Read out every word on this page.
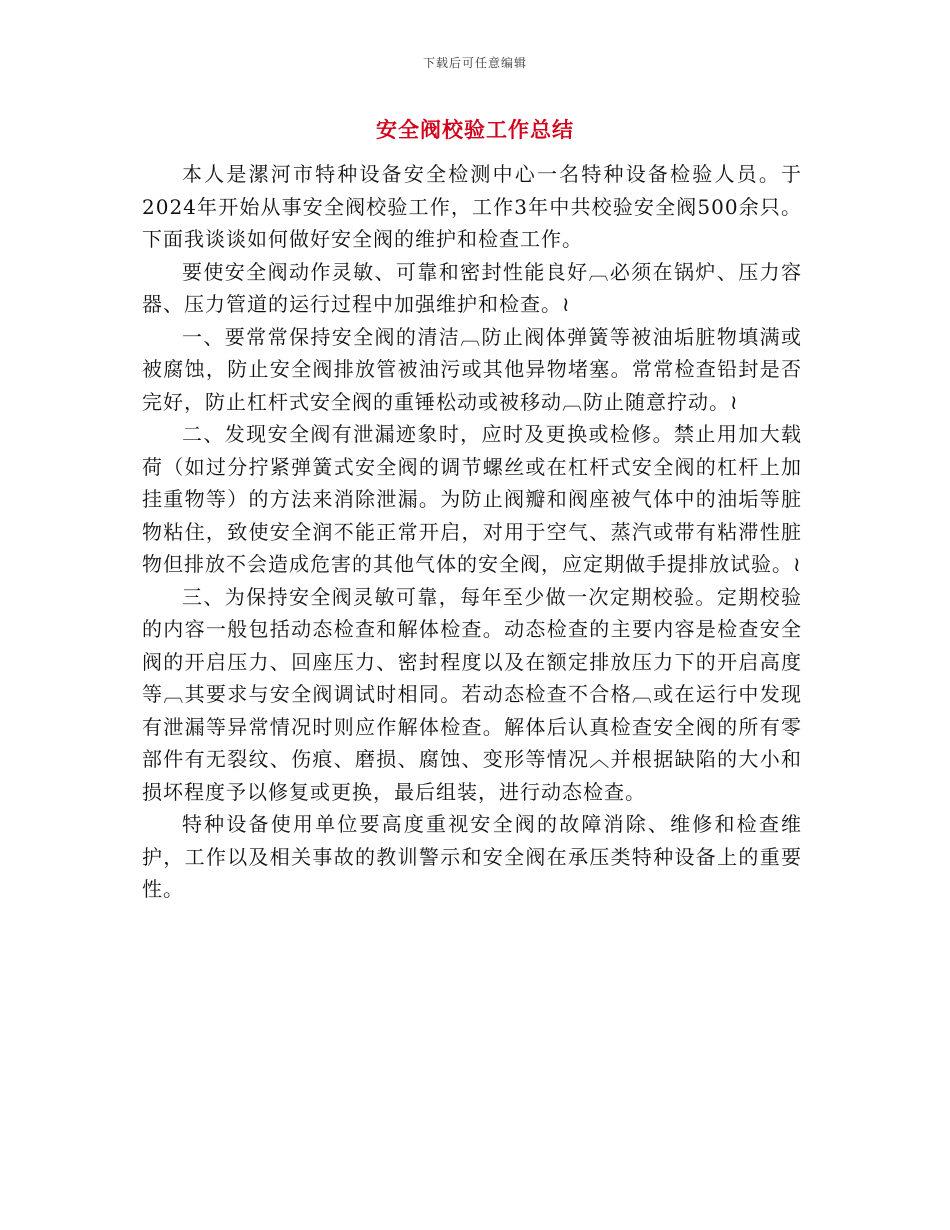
下载后可任意编辑
安全阀校验工作总结

本人是漯河市特种设备安全检测中心一名特种设备检验人员。于2024年开始从事安全阀校验工作，工作3年中共校验安全阀500余只。下面我谈谈如何做好安全阀的维护和检查工作。

要使安全阀动作灵敏、可靠和密封性能良好︹必须在锅炉、压力容器、压力管道的运行过程中加强维护和检查。≀

一、要常常保持安全阀的清洁︹防止阀体弹簧等被油垢脏物填满或被腐蚀，防止安全阀排放管被油污或其他异物堵塞。常常检查铅封是否完好，防止杠杆式安全阀的重锤松动或被移动︹防止随意拧动。≀

二、发现安全阀有泄漏迹象时，应时及更换或检修。禁止用加大载荷（如过分拧紧弹簧式安全阀的调节螺丝或在杠杆式安全阀的杠杆上加挂重物等）的方法来消除泄漏。为防止阀瓣和阀座被气体中的油垢等脏物粘住，致使安全润不能正常开启，对用于空气、蒸汽或带有粘滞性脏物但排放不会造成危害的其他气体的安全阀，应定期做手提排放试验。≀

三、为保持安全阀灵敏可靠，每年至少做一次定期校验。定期校验的内容一般包括动态检查和解体检查。动态检查的主要内容是检查安全阀的开启压力、回座压力、密封程度以及在额定排放压力下的开启高度等︹其要求与安全阀调试时相同。若动态检查不合格︹或在运行中发现有泄漏等异常情况时则应作解体检查。解体后认真检查安全阀的所有零部件有无裂纹、伤痕、磨损、腐蚀、变形等情况︿并根据缺陷的大小和损坏程度予以修复或更换，最后组装，进行动态检查。

特种设备使用单位要高度重视安全阀的故障消除、维修和检查维护，工作以及相关事故的教训警示和安全阀在承压类特种设备上的重要性。
